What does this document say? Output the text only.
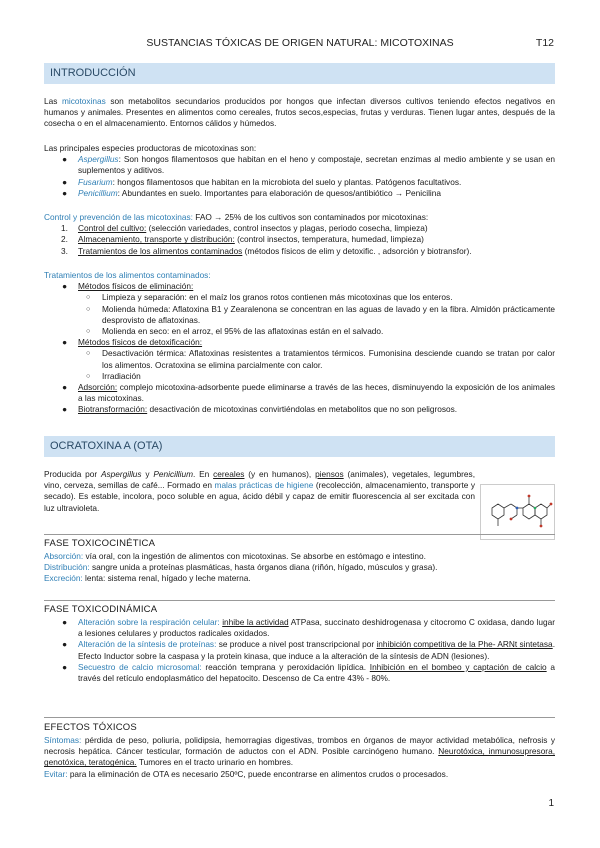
SUSTANCIAS TÓXICAS DE ORIGEN NATURAL: MICOTOXINAS	T12
INTRODUCCIÓN
Las micotoxinas son metabolitos secundarios producidos por hongos que infectan diversos cultivos teniendo efectos negativos en humanos y animales. Presentes en alimentos como cereales, frutos secos,especias, frutas y verduras. Tienen lugar antes, después de la cosecha o en el almacenamiento. Entornos cálidos y húmedos.
Las principales especies productoras de micotoxinas son:
● Aspergillus: Son hongos filamentosos que habitan en el heno y compostaje, secretan enzimas al medio ambiente y se usan en suplementos y aditivos.
● Fusarium: hongos filamentosos que habitan en la microbiota del suelo y plantas. Patógenos facultativos.
● Penicillium: Abundantes en suelo. Importantes para elaboración de quesos/antibiótico → Penicilina
Control y prevención de las micotoxinas: FAO → 25% de los cultivos son contaminados por micotoxinas:
1. Control del cultivo: (selección variedades, control insectos y plagas, periodo cosecha, limpieza)
2. Almacenamiento, transporte y distribución: (control insectos, temperatura, humedad, limpieza)
3. Tratamientos de los alimentos contaminados (métodos físicos de elim y detoxific. , adsorción y biotransfor).
Tratamientos de los alimentos contaminados:
● Métodos físicos de eliminación:
○ Limpieza y separación: en el maíz los granos rotos contienen más micotoxinas que los enteros.
○ Molienda húmeda: Aflatoxina B1 y Zearalenona se concentran en las aguas de lavado y en la fibra. Almidón prácticamente desprovisto de aflatoxinas.
○ Molienda en seco: en el arroz, el 95% de las aflatoxinas están en el salvado.
● Métodos físicos de detoxificación:
○ Desactivación térmica: Aflatoxinas resistentes a tratamientos térmicos. Fumonisina desciende cuando se tratan por calor los alimentos. Ocratoxina se elimina parcialmente con calor.
○ Irradiación
● Adsorción: complejo micotoxina-adsorbente puede eliminarse a través de las heces, disminuyendo la exposición de los animales a las micotoxinas.
● Biotransformación: desactivación de micotoxinas convirtiéndolas en metabolitos que no son peligrosos.
OCRATOXINA A (OTA)
Producida por Aspergillus y Penicillium. En cereales (y en humanos), piensos (animales), vegetales, legumbres, vino, cerveza, semillas de café... Formado en malas prácticas de higiene (recolección, almacenamiento, transporte y secado). Es estable, incolora, poco soluble en agua, ácido débil y capaz de emitir fluorescencia al ser excitada con luz ultravioleta.
FASE TOXICOCINÉTICA
Absorción: vía oral, con la ingestión de alimentos con micotoxinas. Se absorbe en estómago e intestino.
Distribución: sangre unida a proteínas plasmáticas, hasta órganos diana (riñón, hígado, músculos y grasa).
Excreción: lenta: sistema renal, hígado y leche materna.
FASE TOXICODINÁMICA
● Alteración sobre la respiración celular: inhibe la actividad ATPasa, succinato deshidrogenasa y citocromo C oxidasa, dando lugar a lesiones celulares y productos radicales oxidados.
● Alteración de la síntesis de proteínas: se produce a nivel post transcripcional por inhibición competitiva de la Phe- ARNt sintetasa. Efecto Inductor sobre la caspasa y la protein kinasa, que induce a la alteración de la síntesis de ADN (lesiones).
● Secuestro de calcio microsomal: reacción temprana y peroxidación lipídica. Inhibición en el bombeo y captación de calcio a través del retículo endoplasmático del hepatocito. Descenso de Ca entre 43% - 80%.
EFECTOS TÓXICOS
Síntomas: pérdida de peso, poliuria, polidipsia, hemorragias digestivas, trombos en órganos de mayor actividad metabólica, nefrosis y necrosis hepática. Cáncer testicular, formación de aductos con el ADN. Posible carcinógeno humano. Neurotóxica, inmunosupresora, genotóxica, teratogénica. Tumores en el tracto urinario en hombres.
Evitar: para la eliminación de OTA es necesario 250ºC, puede encontrarse en alimentos crudos o procesados.
1
